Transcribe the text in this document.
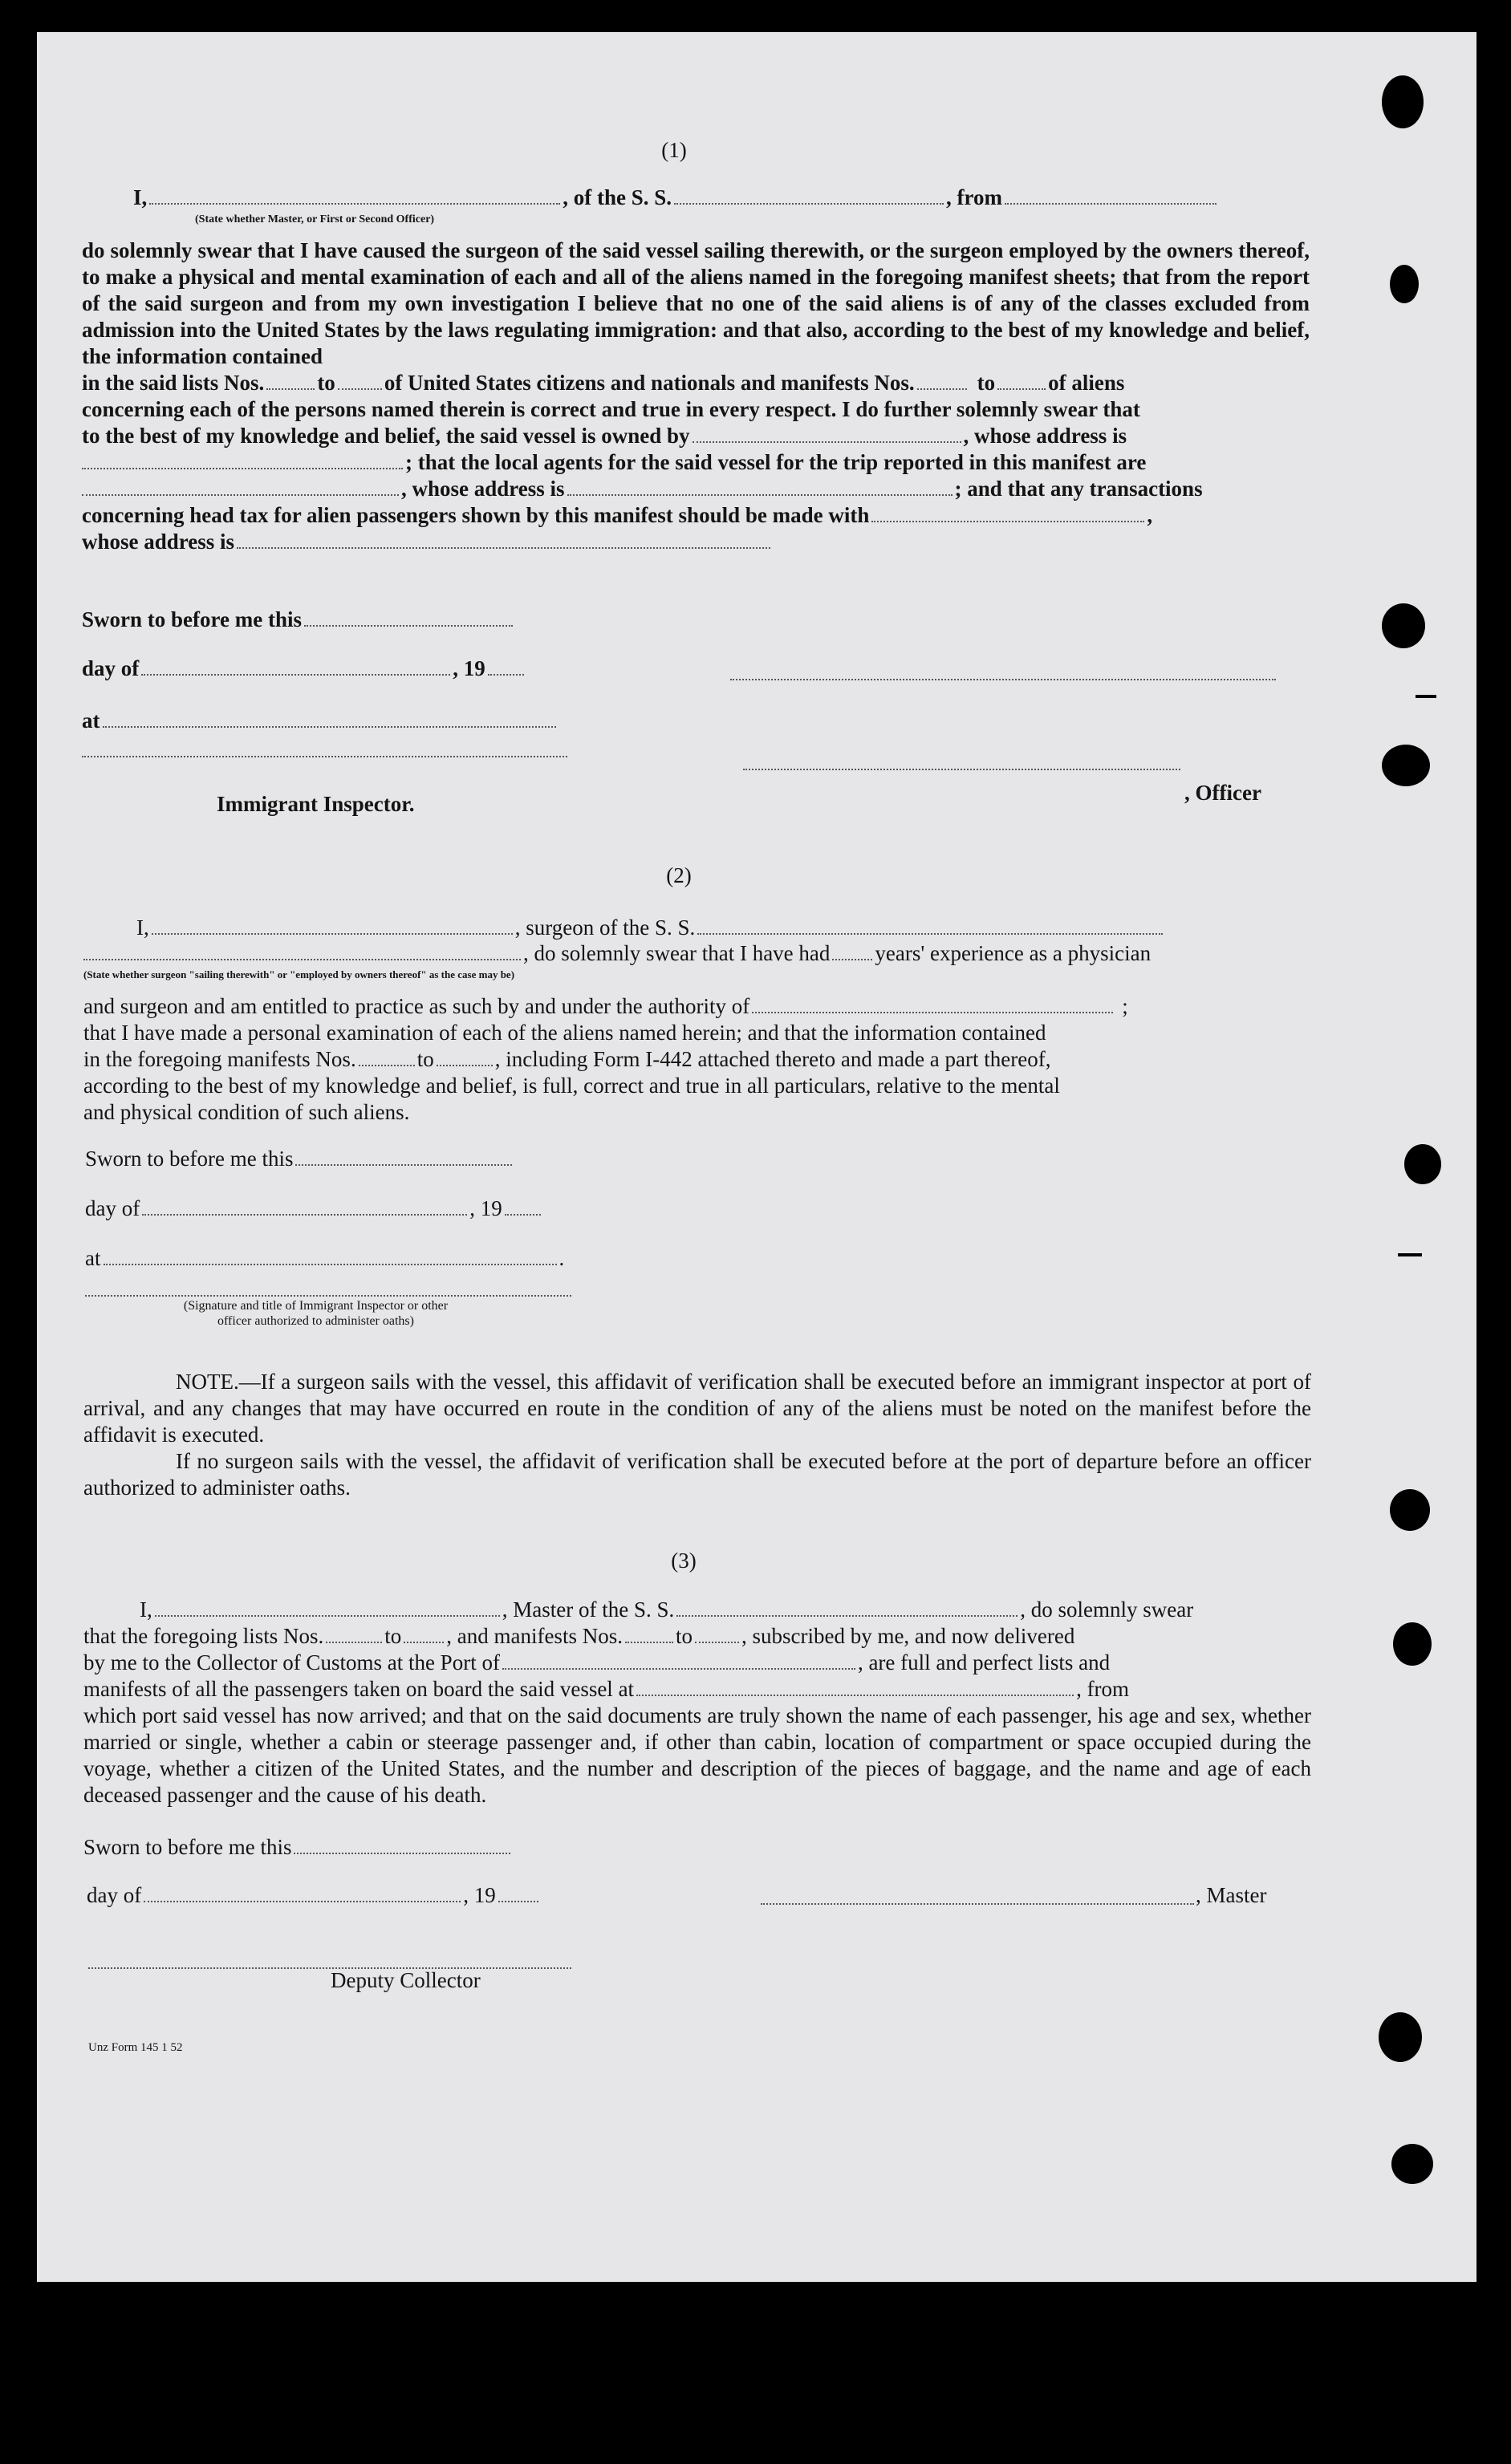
(1)
I,	, of the S. S.	, from
(State whether Master, or First or Second Officer)

do solemnly swear that I have caused the surgeon of the said vessel sailing therewith, or the surgeon employed by the owners thereof, to make a physical and mental examination of each and all of the aliens named in the foregoing manifest sheets; that from the report of the said surgeon and from my own investigation I believe that no one of the said aliens is of any of the classes excluded from admission into the United States by the laws regulating immigration: and that also, according to the best of my knowledge and belief, the information contained

in the said lists Nos. to of United States citizens and nationals and manifests Nos.	to of aliens

concerning each of the persons named therein is correct and true in every respect. I do further solemnly swear that

to the best of my knowledge and belief, the said vessel is owned by	, whose address is

; that the local agents for the said vessel for the trip reported in this manifest are

, whose address is	; and that any transactions

concerning head tax for alien passengers shown by this manifest should be made with	,

whose address is

Sworn to before me this
day of	, 19
at
Immigrant Inspector.	, Officer
(2)
I,	, surgeon of the S. S.
, do solemnly swear that I have had years' experience as a physician
(State whether surgeon "sailing therewith" or "employed by owners thereof" as the case may be)

and surgeon and am entitled to practice as such by and under the authority of	;

that I have made a personal examination of each of the aliens named herein; and that the information contained

in the foregoing manifests Nos.	to	, including Form I-442 attached thereto and made a part thereof,

according to the best of my knowledge and belief, is full, correct and true in all particulars, relative to the mental

and physical condition of such aliens.

Sworn to before me this
day of	, 19
at	.
(Signature and title of Immigrant Inspector or other
officer authorized to administer oaths)

NOTE.—If a surgeon sails with the vessel, this affidavit of verification shall be executed before an immigrant inspector at port of arrival, and any changes that may have occurred en route in the condition of any of the aliens must be noted on the manifest before the affidavit is executed.

If no surgeon sails with the vessel, the affidavit of verification shall be executed before at the port of departure before an officer authorized to administer oaths.

(3)
I,	, Master of the S. S.	, do solemnly swear
that the foregoing lists Nos.	to , and manifests Nos. to , subscribed by me, and now delivered
by me to the Collector of Customs at the Port of	, are full and perfect lists and
manifests of all the passengers taken on board the said vessel at	, from
which port said vessel has now arrived; and that on the said documents are truly shown the name of each passenger, his age and sex, whether married or single, whether a cabin or steerage passenger and, if other than cabin, location of compartment or space occupied during the voyage, whether a citizen of the United States, and the number and description of the pieces of baggage, and the name and age of each deceased passenger and the cause of his death.
Sworn to before me this
day of	, 19	, Master
Deputy Collector
Unz Form 145 1 52
